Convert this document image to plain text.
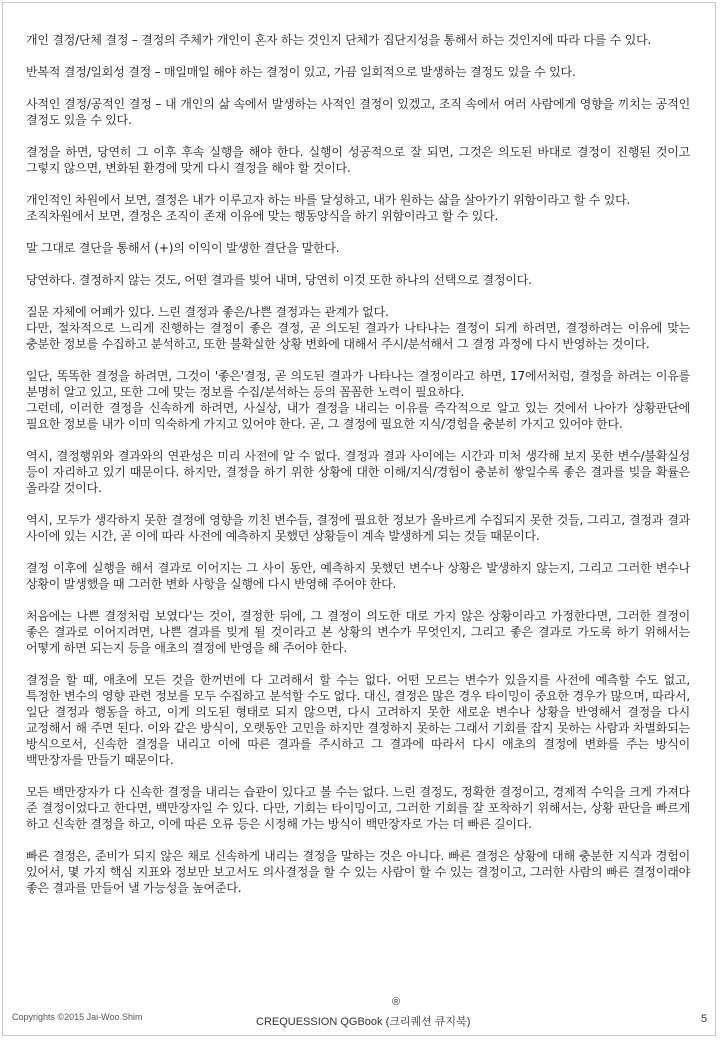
개인 결정/단체 결정 – 결정의 주체가 개인이 혼자 하는 것인지 단체가 집단지성을 통해서 하는 것인지에 따라 다를 수 있다.
반복적 결정/일회성 결정 – 매일매일 해야 하는 결정이 있고, 가끔 일회적으로 발생하는 결정도 있을 수 있다.
사적인 결정/공적인 결정 – 내 개인의 삶 속에서 발생하는 사적인 결정이 있겠고, 조직 속에서 여러 사람에게 영향을 끼치는 공적인 결정도 있을 수 있다.
결정을 하면, 당연히 그 이후 후속 실행을 해야 한다. 실행이 성공적으로 잘 되면, 그것은 의도된 바대로 결정이 진행된 것이고 그렇지 않으면, 변화된 환경에 맞게 다시 결정을 해야 할 것이다.
개인적인 차원에서 보면, 결정은 내가 이루고자 하는 바를 달성하고, 내가 원하는 삶을 살아가기 위함이라고 할 수 있다.
조직차원에서 보면, 결정은 조직이 존재 이유에 맞는 행동양식을 하기 위함이라고 할 수 있다.
말 그대로 결단을 통해서 (+)의 이익이 발생한 결단을 말한다.
당연하다. 결정하지 않는 것도, 어떤 결과를 빚어 내며, 당연히 이것 또한 하나의 선택으로 결정이다.
질문 자체에 어폐가 있다. 느린 결정과 좋은/나쁜 결정과는 관계가 없다.
다만, 절차적으로 느리게 진행하는 결정이 좋은 결정, 곧 의도된 결과가 나타나는 결정이 되게 하려면, 결정하려는 이유에 맞는 충분한 정보를 수집하고 분석하고, 또한 불확실한 상황 변화에 대해서 주시/분석해서 그 결정 과정에 다시 반영하는 것이다.
일단, 똑똑한 결정을 하려면, 그것이 '좋은'결정, 곧 의도된 결과가 나타나는 결정이라고 하면, 17에서처럼, 결정을 하려는 이유를 분명히 알고 있고, 또한 그에 맞는 정보를 수집/분석하는 등의 꼼꼼한 노력이 필요하다.
그런데, 이러한 결정을 신속하게 하려면, 사실상, 내가 결정을 내리는 이유를 즉각적으로 알고 있는 것에서 나아가 상황판단에 필요한 정보를 내가 이미 익숙하게 가지고 있어야 한다. 곧, 그 결정에 필요한 지식/경험을 충분히 가지고 있어야 한다.
역시, 결정행위와 결과와의 연관성은 미리 사전에 알 수 없다. 결정과 결과 사이에는 시간과 미처 생각해 보지 못한 변수/불확실성 등이 자리하고 있기 때문이다. 하지만, 결정을 하기 위한 상황에 대한 이해/지식/경험이 충분히 쌓일수록 좋은 결과를 빚을 확률은 올라갈 것이다.
역시, 모두가 생각하지 못한 결정에 영향을 끼친 변수들, 결정에 필요한 정보가 올바르게 수집되지 못한 것들, 그리고, 결정과 결과 사이에 있는 시간, 곧 이에 따라 사전에 예측하지 못했던 상황들이 계속 발생하게 되는 것들 때문이다.
결정 이후에 실행을 해서 결과로 이어지는 그 사이 동안, 예측하지 못했던 변수나 상황은 발생하지 않는지, 그리고 그러한 변수나 상황이 발생했을 때 그러한 변화 사항을 실행에 다시 반영해 주어야 한다.
처음에는 나쁜 결정처럼 보였다'는 것이, 결정한 뒤에, 그 결정이 의도한 대로 가지 않은 상황이라고 가정한다면, 그러한 결정이 좋은 결과로 이어지려면, 나쁜 결과를 빚게 될 것이라고 본 상황의 변수가 무엇인지, 그리고 좋은 결과로 가도록 하기 위해서는 어떻게 하면 되는지 등을 애초의 결정에 반영을 해 주어야 한다.
결정을 할 때, 애초에 모든 것을 한꺼번에 다 고려해서 할 수는 없다. 어떤 모르는 변수가 있을지를 사전에 예측할 수도 없고, 특정한 변수의 영향 관련 정보를 모두 수집하고 분석할 수도 없다. 대신, 결정은 많은 경우 타이밍이 중요한 경우가 많으며, 따라서, 일단 결정과 행동을 하고, 이게 의도된 형태로 되지 않으면, 다시 고려하지 못한 새로운 변수나 상황을 반영해서 결정을 다시 교정해서 해 주면 된다. 이와 같은 방식이, 오랫동안 고민을 하지만 결정하지 못하는 그래서 기회를 잡지 못하는 사람과 차별화되는 방식으로서, 신속한 결정을 내리고 이에 따른 결과를 주시하고 그 결과에 따라서 다시 애초의 결정에 변화를 주는 방식이 백만장자를 만들기 때문이다.
모든 백만장자가 다 신속한 결정을 내리는 습관이 있다고 볼 수는 없다. 느린 결정도, 정확한 결정이고, 경제적 수익을 크게 가져다 준 결정이었다고 한다면, 백만장자일 수 있다. 다만, 기회는 타이밍이고, 그러한 기회를 잘 포착하기 위해서는, 상황 판단을 빠르게 하고 신속한 결정을 하고, 이에 따른 오류 등은 시정해 가는 방식이 백만장자로 가는 더 빠른 길이다.
빠른 결정은, 준비가 되지 않은 채로 신속하게 내리는 결정을 말하는 것은 아니다. 빠른 결정은 상황에 대해 충분한 지식과 경험이 있어서, 몇 가지 핵심 지표와 정보만 보고서도 의사결정을 할 수 있는 사람이 할 수 있는 결정이고, 그러한 사람의 빠른 결정이래야 좋은 결과를 만들어 낼 가능성을 높여준다.
Copyrights ©2015 Jai-Woo Shim
®
CREQUESSION QGBook (크리퀘션 큐지북)	5
